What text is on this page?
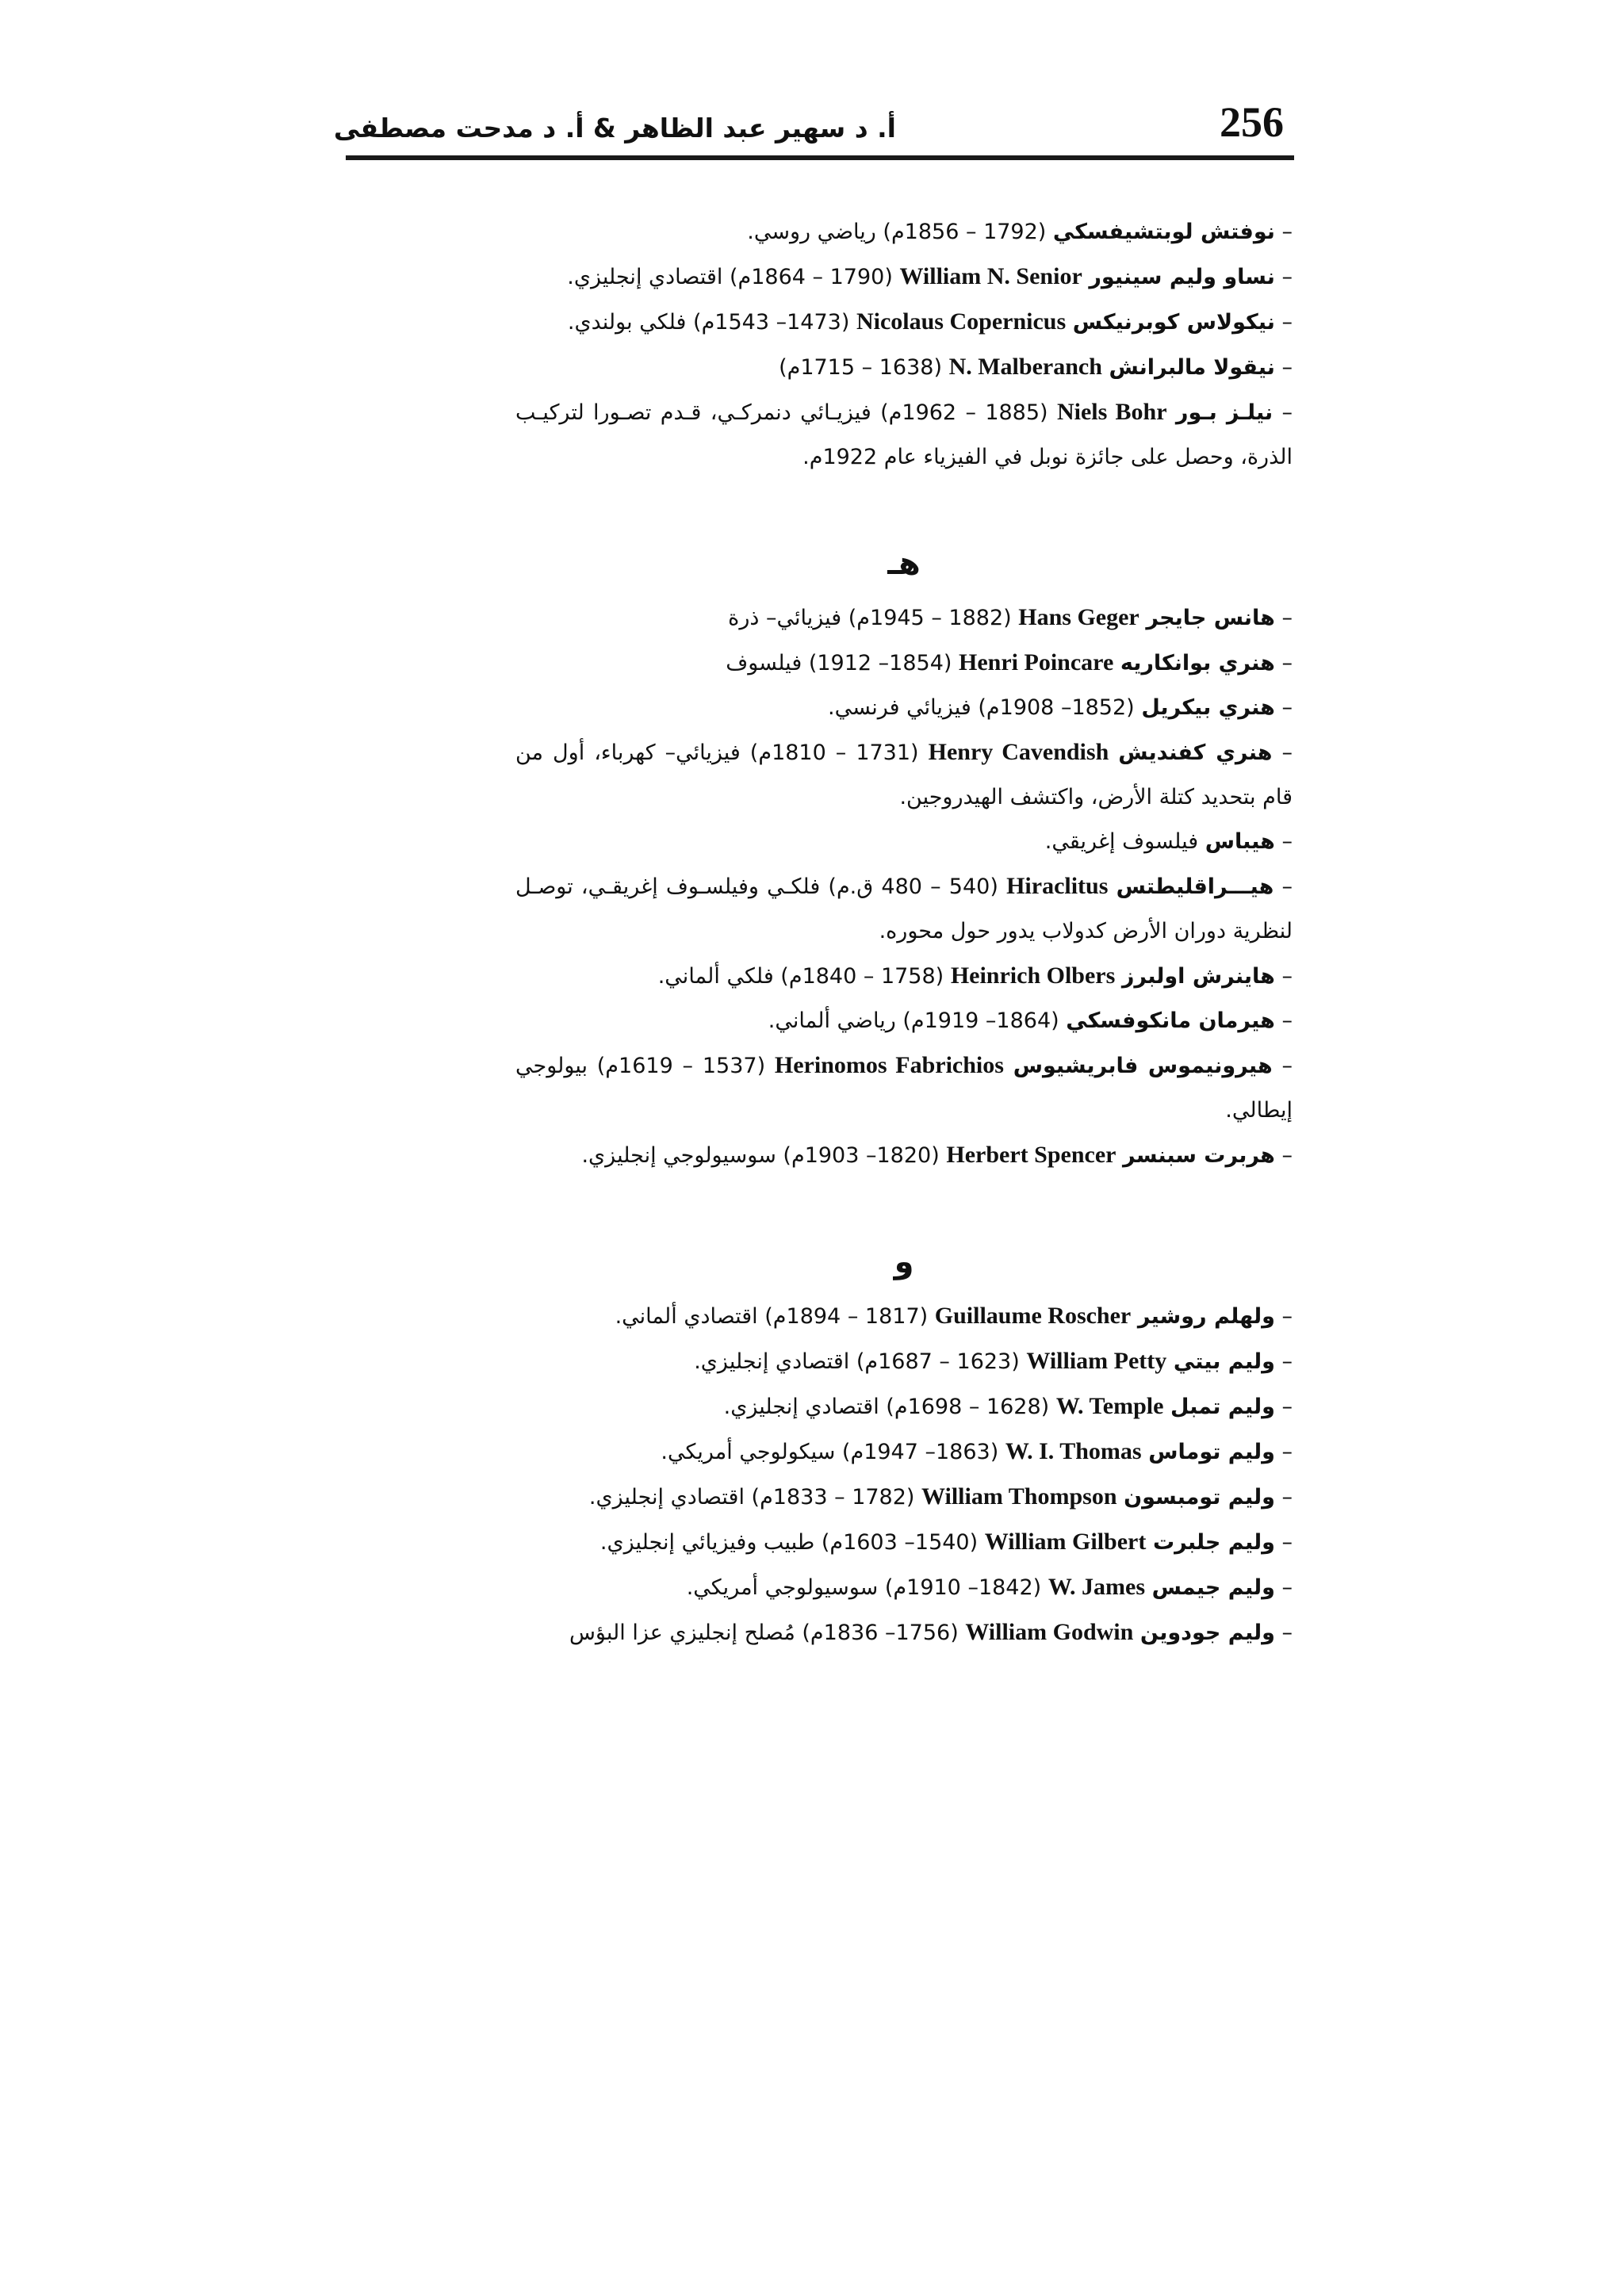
256
أ. د سهير عبد الظاهر & أ. د مدحت مصطفى
– نوفتش لوبتشيفسكي (1792 – 1856م) رياضي روسي.
– نساو وليم سينيور William N. Senior (1790 – 1864م) اقتصادي إنجليزي.
– نيكولاس كوبرنيكس Nicolaus Copernicus (1473– 1543م) فلكي بولندي.
– نيقولا مالبرانش N. Malberanch (1638 – 1715م)
– نيلـز بـور Niels Bohr (1885 – 1962م) فيزيـائي دنمركـي، قـدم تصـورا لتركيـب الذرة، وحصل على جائزة نوبل في الفيزياء عام 1922م.
هـ
– هانس جايجر Hans Geger (1882 – 1945م) فيزيائي– ذرة
– هنري بوانكاريه Henri Poincare (1854– 1912) فيلسوف
– هنري بيكريل (1852– 1908م) فيزيائي فرنسي.
– هنري كفنديش Henry Cavendish (1731 – 1810م) فيزيائي– كهرباء، أول من قام بتحديد كتلة الأرض، واكتشف الهيدروجين.
– هيباس فيلسوف إغريقي.
– هيـــراقليطتس Hiraclitus (540 – 480 ق.م) فلكـي وفيلسـوف إغريقـي، توصـل لنظرية دوران الأرض كدولاب يدور حول محوره.
– هاينرش اولبرز Heinrich Olbers (1758 – 1840م) فلكي ألماني.
– هيرمان مانكوفسكي (1864– 1919م) رياضي ألماني.
– هيرونيموس فابريشيوس Herinomos Fabrichios (1537 – 1619م) بيولوجي إيطالي.
– هربرت سبنسر Herbert Spencer (1820– 1903م) سوسيولوجي إنجليزي.
و
– ولهلم روشير Guillaume Roscher (1817 – 1894م) اقتصادي ألماني.
– وليم بيتي William Petty (1623 – 1687م) اقتصادي إنجليزي.
– وليم تمبل W. Temple (1628 – 1698م) اقتصادي إنجليزي.
– وليم توماس W. I. Thomas (1863– 1947م) سيكولوجي أمريكي.
– وليم تومبسون William Thompson (1782 – 1833م) اقتصادي إنجليزي.
– وليم جلبرت William Gilbert (1540– 1603م) طبيب وفيزيائي إنجليزي.
– وليم جيمس W. James (1842– 1910م) سوسيولوجي أمريكي.
– وليم جودوين William Godwin (1756– 1836م) مُصلح إنجليزي عزا البؤس
